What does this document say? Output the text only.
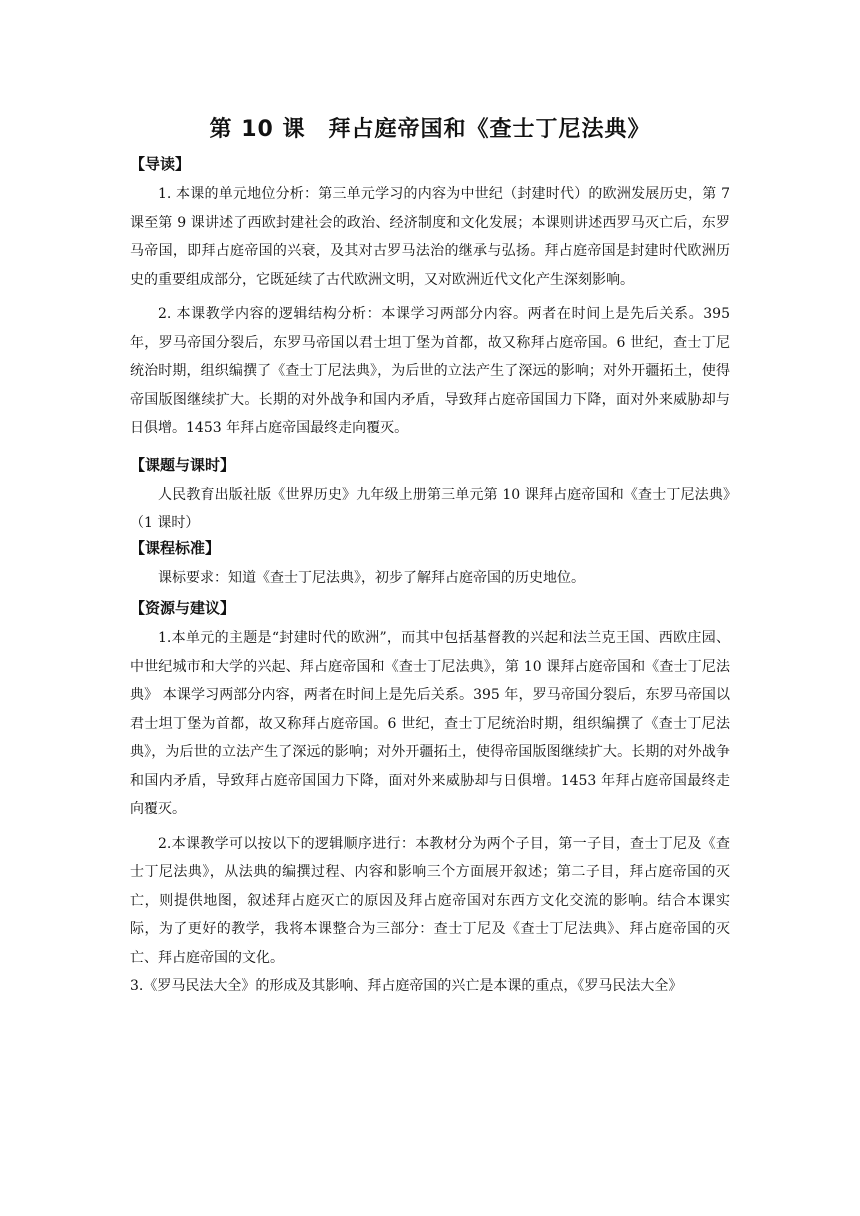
第 10 课　拜占庭帝国和《查士丁尼法典》
【导读】

1. 本课的单元地位分析：第三单元学习的内容为中世纪（封建时代）的欧洲发展历史，第 7 课至第 9 课讲述了西欧封建社会的政治、经济制度和文化发展；本课则讲述西罗马灭亡后，东罗马帝国，即拜占庭帝国的兴衰，及其对古罗马法治的继承与弘扬。拜占庭帝国是封建时代欧洲历史的重要组成部分，它既延续了古代欧洲文明，又对欧洲近代文化产生深刻影响。

2. 本课教学内容的逻辑结构分析：本课学习两部分内容。两者在时间上是先后关系。395 年，罗马帝国分裂后，东罗马帝国以君士坦丁堡为首都，故又称拜占庭帝国。6 世纪，查士丁尼统治时期，组织编撰了《查士丁尼法典》，为后世的立法产生了深远的影响；对外开疆拓土，使得帝国版图继续扩大。长期的对外战争和国内矛盾，导致拜占庭帝国国力下降，面对外来威胁却与日俱增。1453 年拜占庭帝国最终走向覆灭。

【课题与课时】

人民教育出版社版《世界历史》九年级上册第三单元第 10 课拜占庭帝国和《查士丁尼法典》（1 课时）

【课程标准】

课标要求：知道《查士丁尼法典》，初步了解拜占庭帝国的历史地位。

【资源与建议】

1.本单元的主题是“封建时代的欧洲”，而其中包括基督教的兴起和法兰克王国、西欧庄园、中世纪城市和大学的兴起、拜占庭帝国和《查士丁尼法典》，第 10 课拜占庭帝国和《查士丁尼法典》 本课学习两部分内容，两者在时间上是先后关系。395 年，罗马帝国分裂后，东罗马帝国以君士坦丁堡为首都，故又称拜占庭帝国。6 世纪，查士丁尼统治时期，组织编撰了《查士丁尼法典》，为后世的立法产生了深远的影响；对外开疆拓土，使得帝国版图继续扩大。长期的对外战争和国内矛盾，导致拜占庭帝国国力下降，面对外来威胁却与日俱增。1453 年拜占庭帝国最终走向覆灭。

2.本课教学可以按以下的逻辑顺序进行：本教材分为两个子目，第一子目，查士丁尼及《查士丁尼法典》，从法典的编撰过程、内容和影响三个方面展开叙述；第二子目，拜占庭帝国的灭亡，则提供地图，叙述拜占庭灭亡的原因及拜占庭帝国对东西方文化交流的影响。结合本课实际，为了更好的教学，我将本课整合为三部分：查士丁尼及《查士丁尼法典》、拜占庭帝国的灭亡、拜占庭帝国的文化。

3.《罗马民法大全》的形成及其影响、拜占庭帝国的兴亡是本课的重点，《罗马民法大全》
